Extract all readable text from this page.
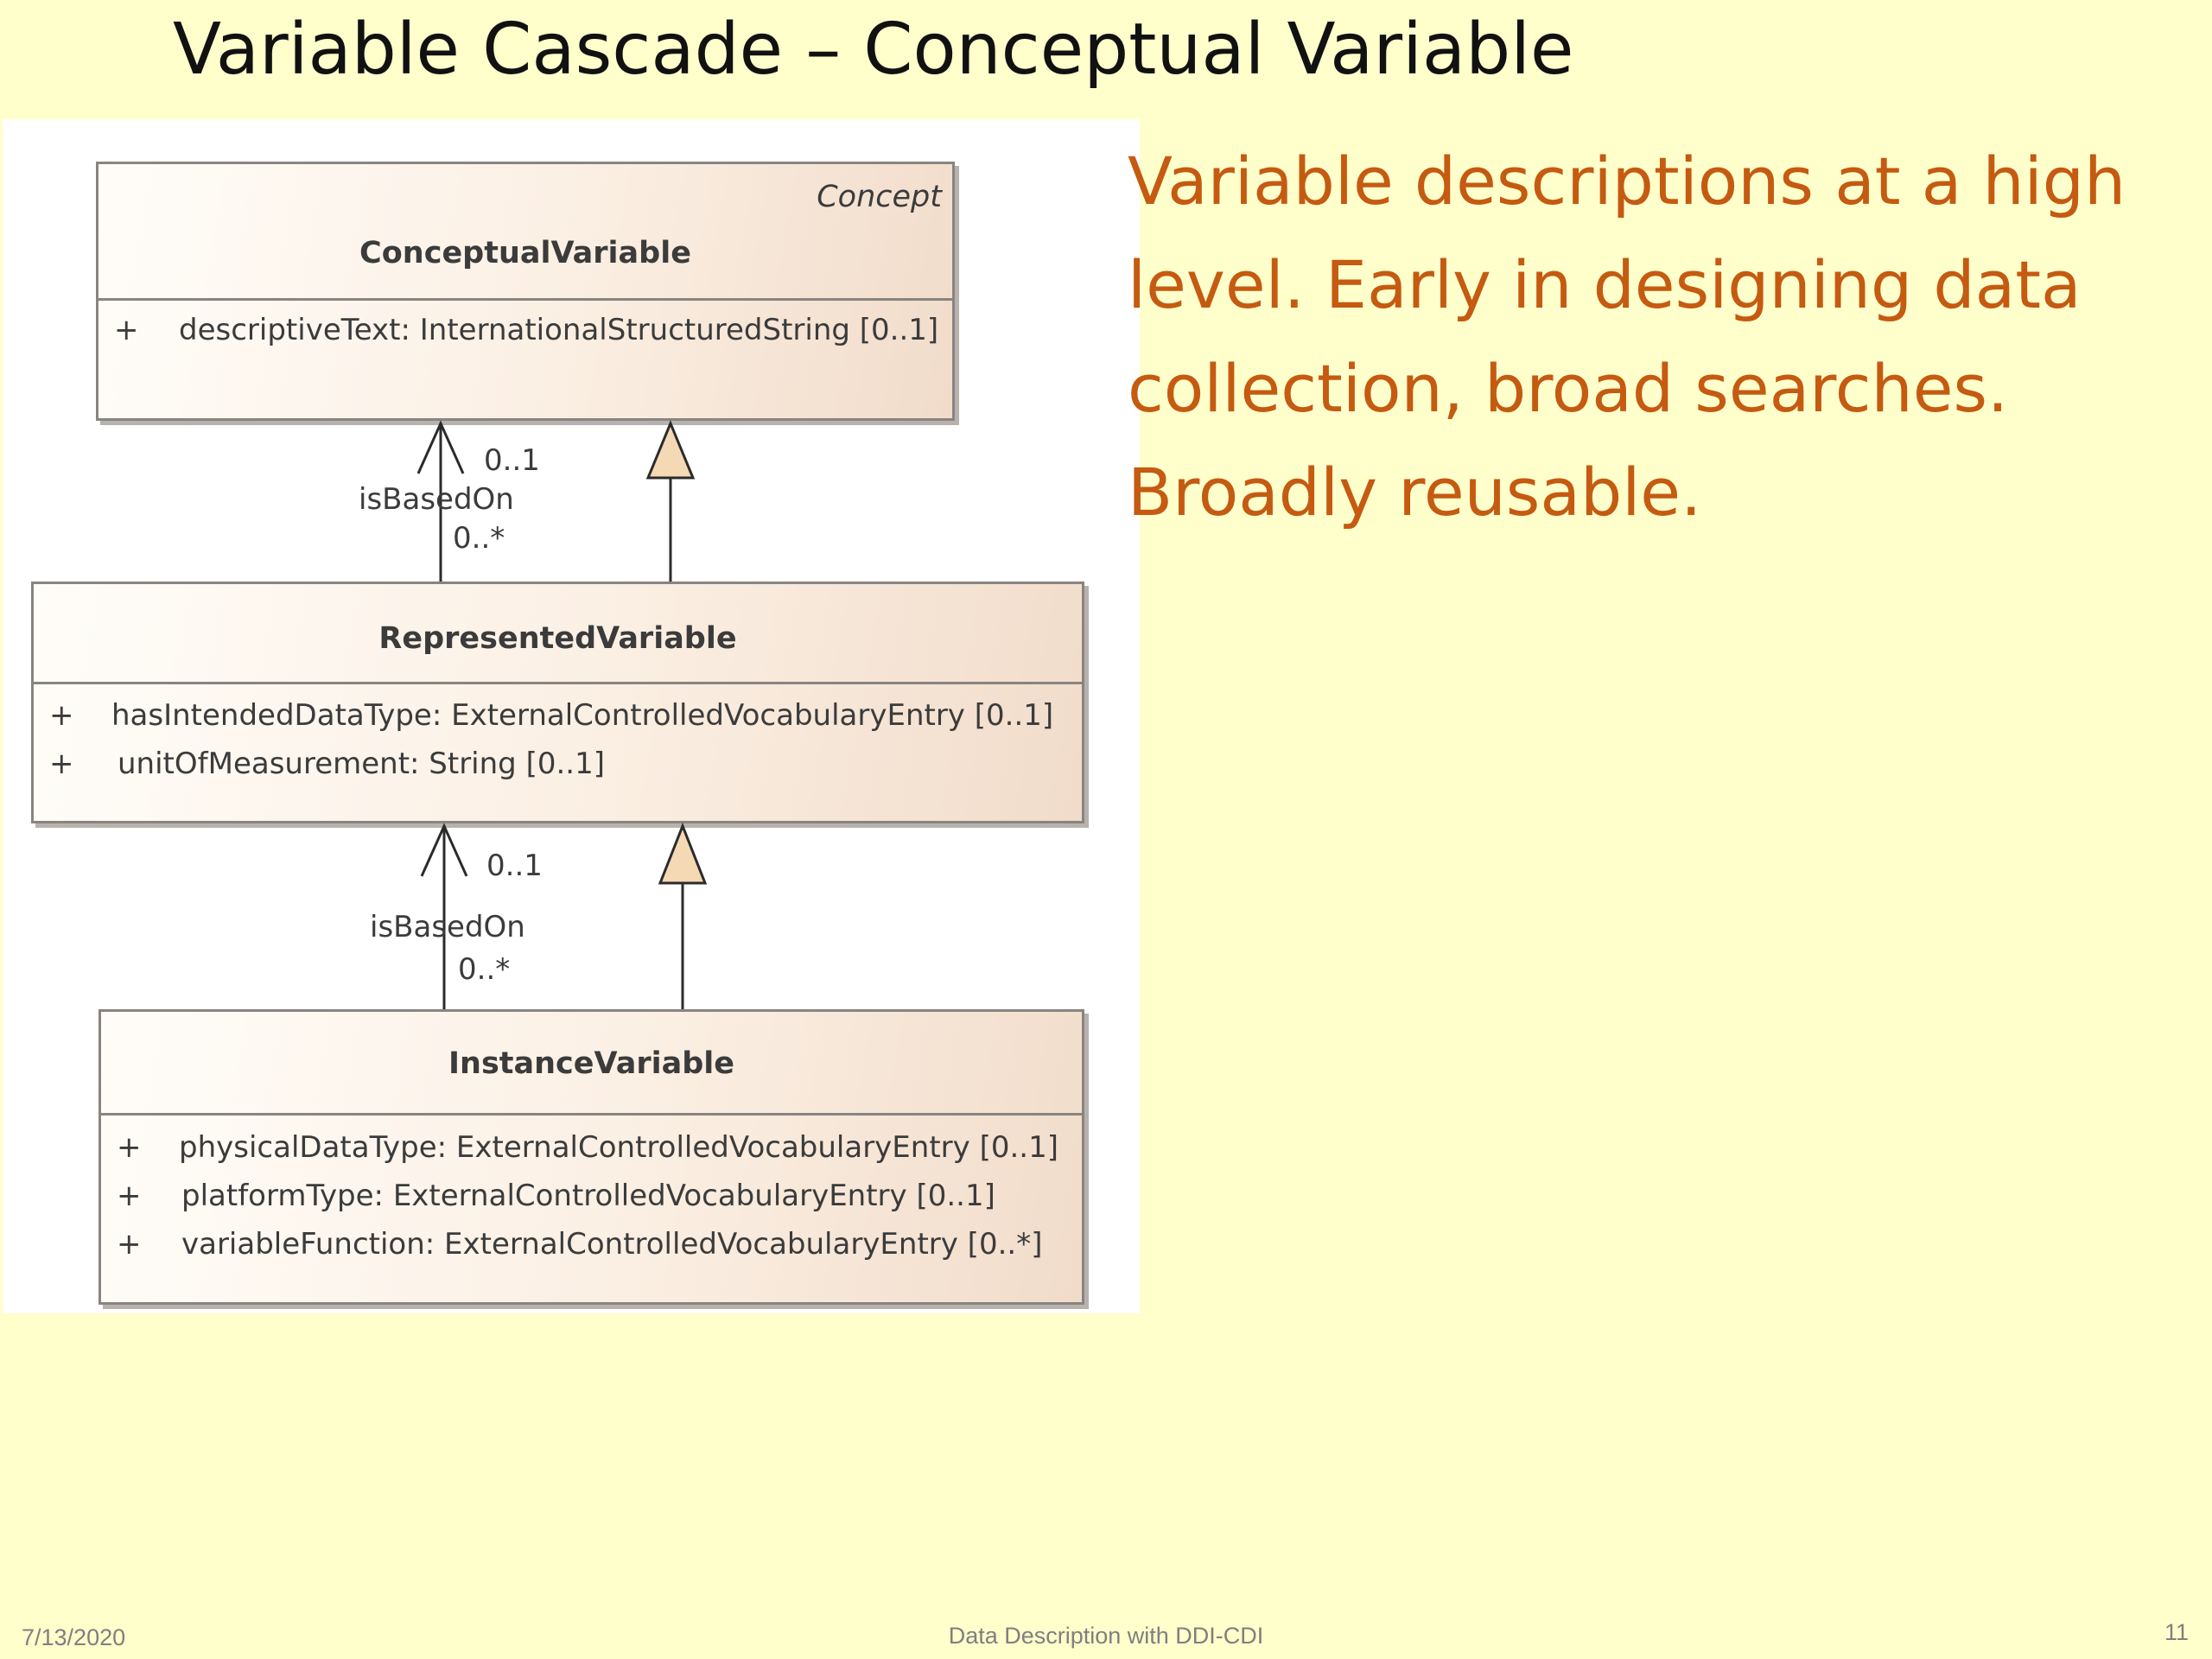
Variable Cascade – Conceptual Variable
Concept
ConceptualVariable
+ descriptiveText: InternationalStructuredString [0..1]
RepresentedVariable
+ hasIntendedDataType: ExternalControlledVocabularyEntry [0..1]
+ unitOfMeasurement: String [0..1]
InstanceVariable
+ physicalDataType: ExternalControlledVocabularyEntry [0..1]
+ platformType: ExternalControlledVocabularyEntry [0..1]
+ variableFunction: ExternalControlledVocabularyEntry [0..*]
0..1
isBasedOn
0..*
0..1
isBasedOn
0..*
Variable descriptions at a high level. Early in designing data collection, broad searches. Broadly reusable.
7/13/2020	Data Description with DDI-CDI	11
